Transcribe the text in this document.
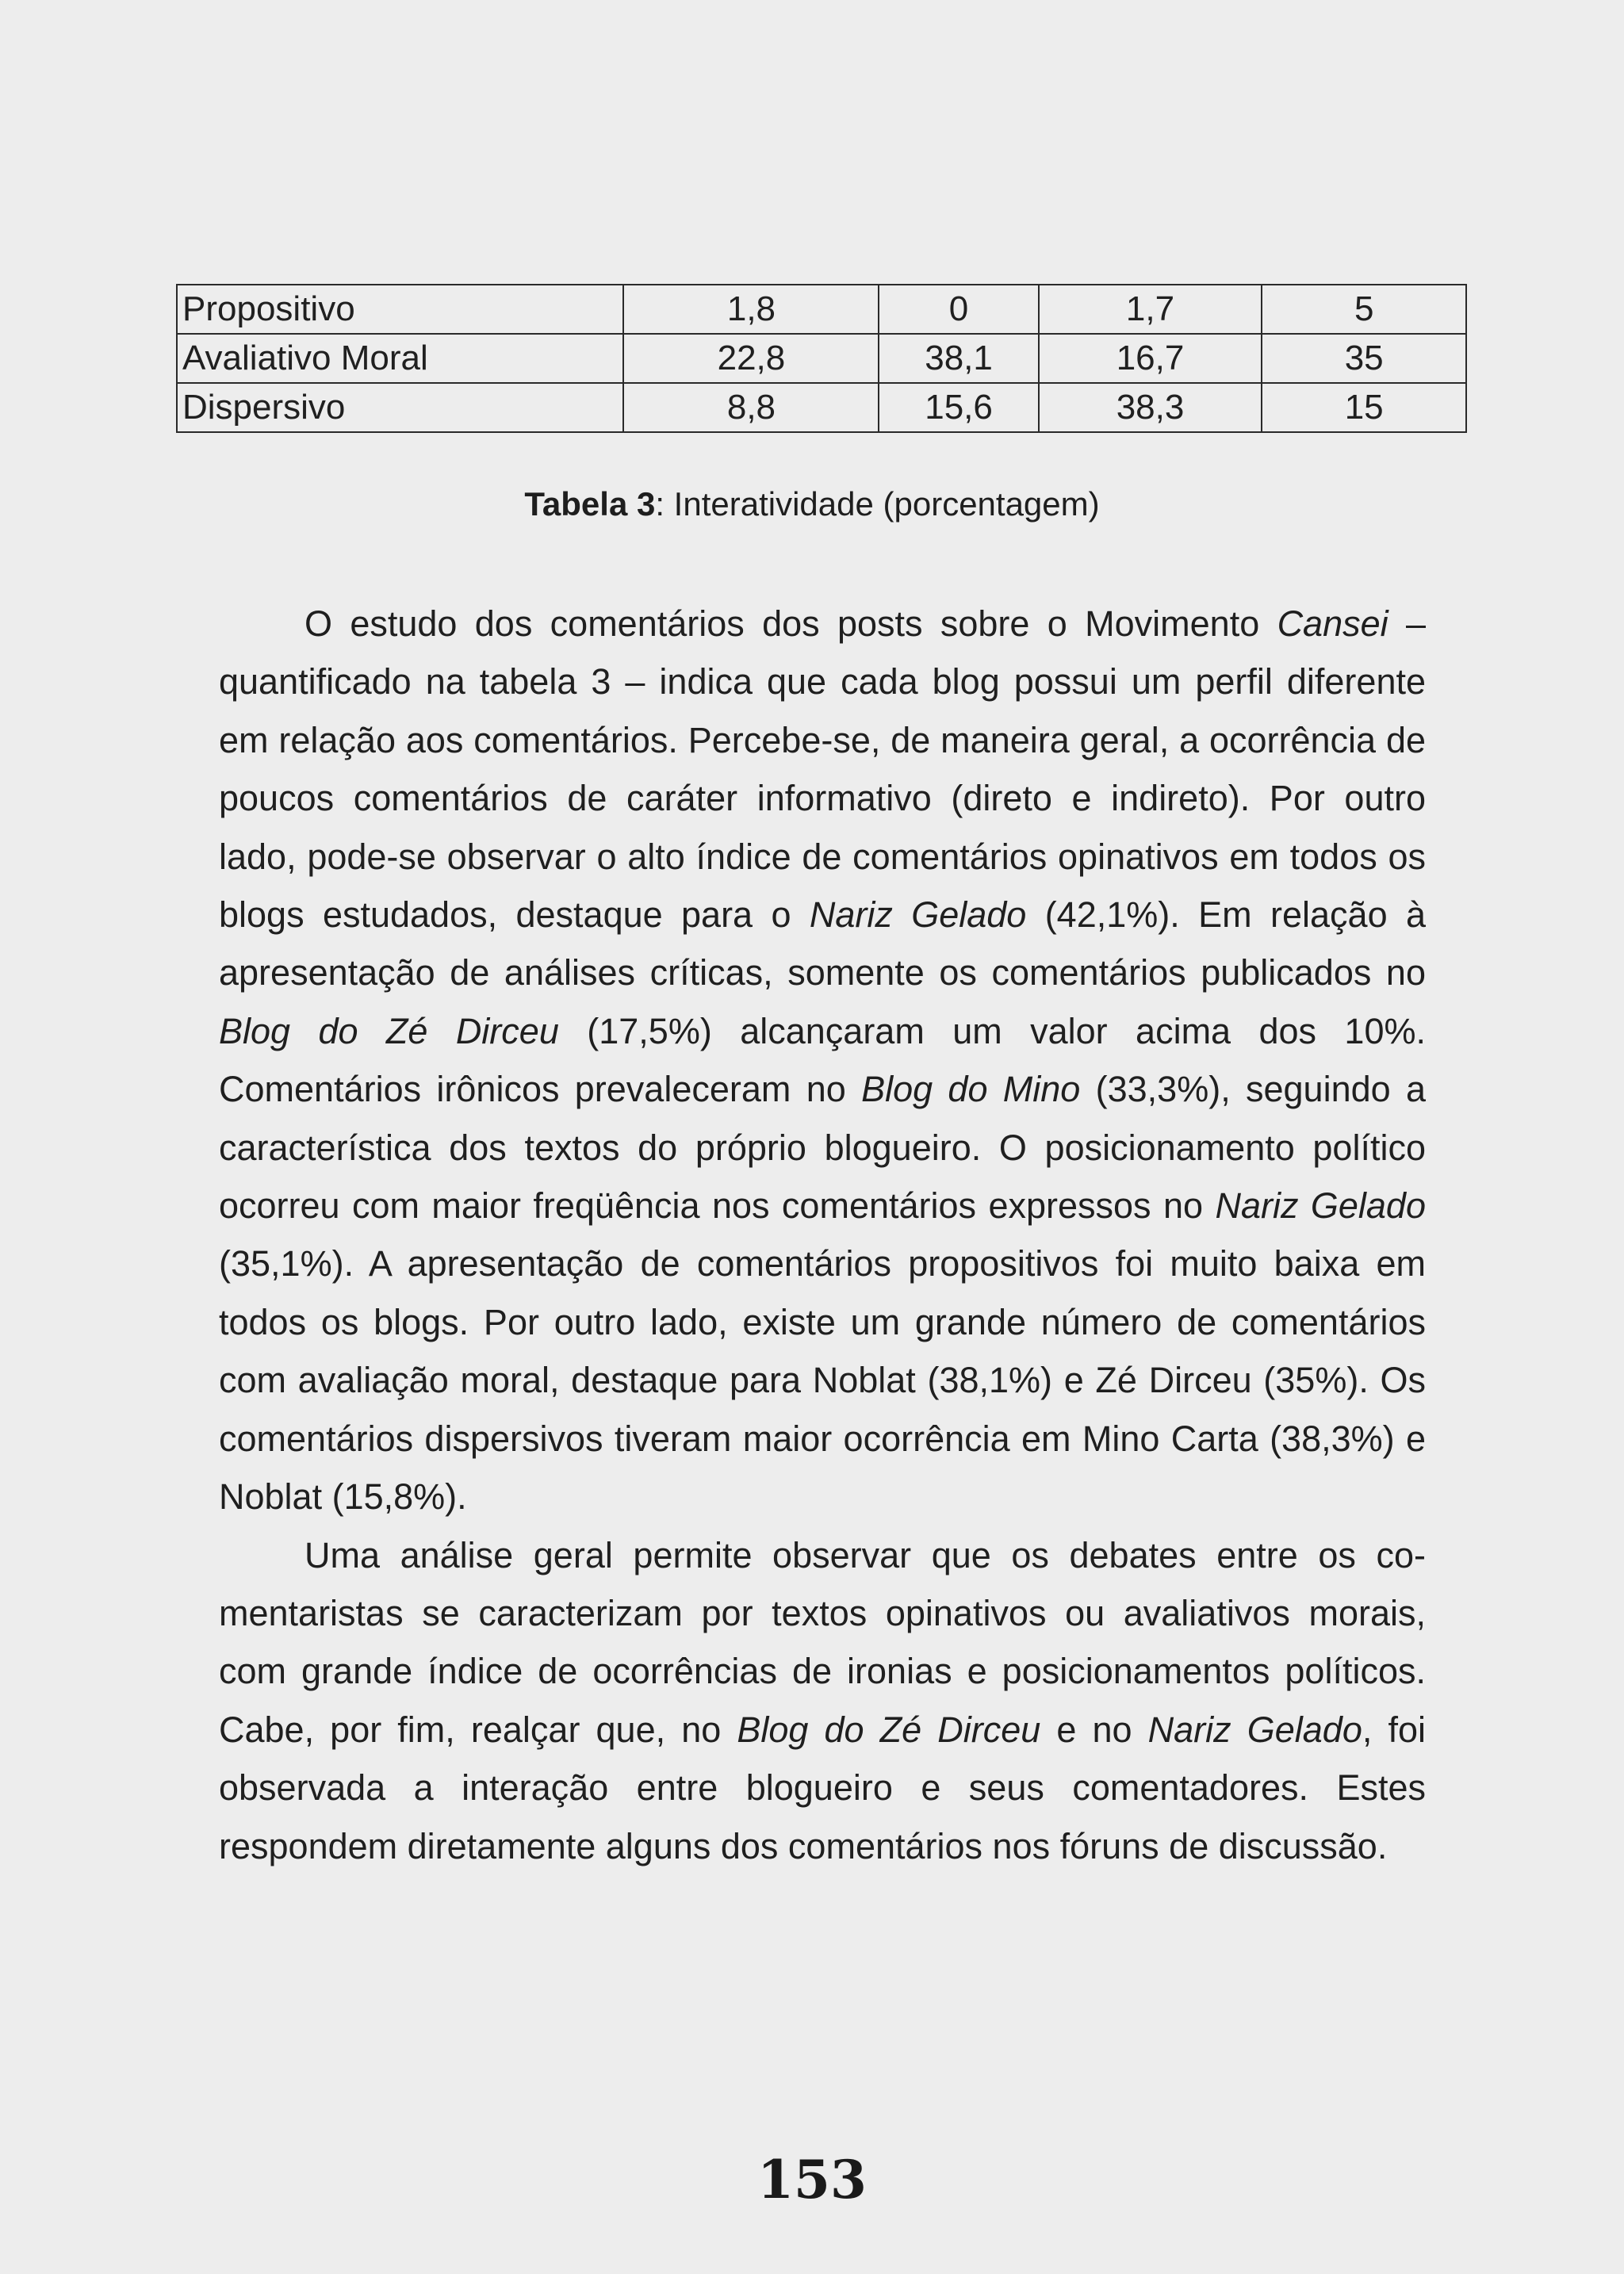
Propositivo	1,8	0	1,7	5
Avaliativo Moral	22,8	38,1	16,7	35
Dispersivo	8,8	15,6	38,3	15
Tabela 3: Interatividade (porcentagem)

O estudo dos comentários dos posts sobre o Movimento Cansei – quantificado na tabela 3 – indica que cada blog possui um perfil diferente em relação aos comentários. Percebe-se, de maneira geral, a ocorrência de poucos comentários de caráter informativo (direto e indireto). Por outro lado, pode-se observar o alto índice de comentários opinativos em todos os blogs estudados, destaque para o Nariz Gelado (42,1%). Em relação à apresentação de análises críticas, somente os comentários publicados no Blog do Zé Dirceu (17,5%) alcançaram um valor acima dos 10%. Comentários irônicos prevaleceram no Blog do Mino (33,3%), seguindo a característica dos textos do próprio blogueiro. O posicionamento político ocorreu com maior freqüência nos comentários expressos no Nariz Gelado (35,1%). A apresentação de comentários propositivos foi muito baixa em todos os blogs. Por outro lado, existe um grande número de comentários com avaliação moral, destaque para Noblat (38,1%) e Zé Dirceu (35%). Os comentários dispersivos tiveram maior ocorrência em Mino Carta (38,3%) e Noblat (15,8%).

Uma análise geral permite observar que os debates entre os comentaristas se caracterizam por textos opinativos ou avaliativos morais, com grande índice de ocorrências de ironias e posicionamentos políticos. Cabe, por fim, realçar que, no Blog do Zé Dirceu e no Nariz Gelado, foi observada a interação entre blogueiro e seus comentadores. Estes respondem diretamente alguns dos comentários nos fóruns de discussão.

153
